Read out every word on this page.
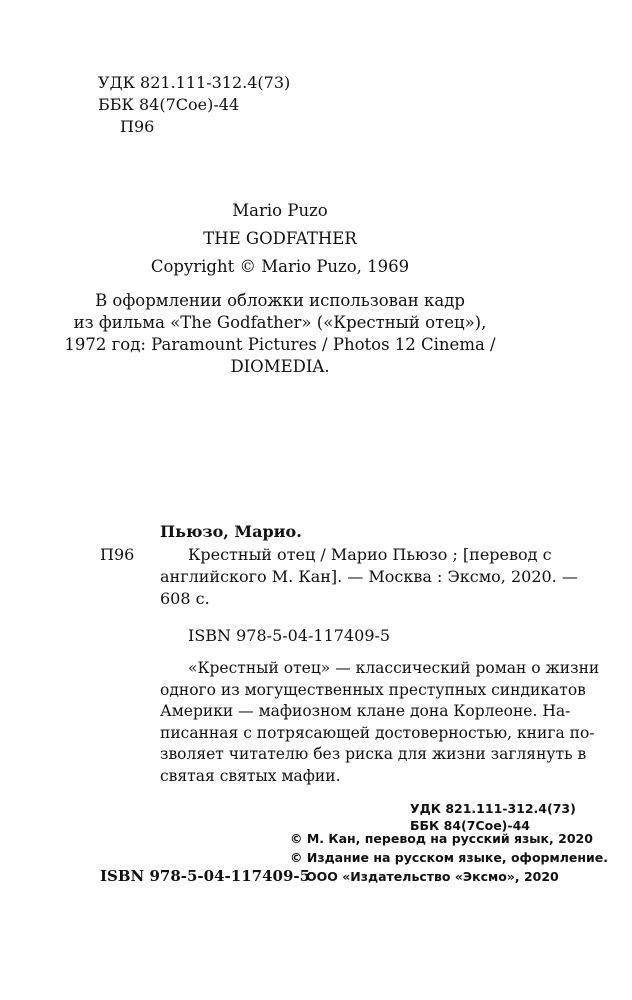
УДК 821.111-312.4(73)
ББК 84(7Сое)-44
П96
Mario Puzo
THE GODFATHER
Copyright © Mario Puzo, 1969
В оформлении обложки использован кадр
из фильма «The Godfather» («Крестный отец»),
1972 год: Paramount Pictures / Photos 12 Cinema /
DIOMEDIA.
Пьюзо, Марио.
П96	Крестный отец / Марио Пьюзо ; [перевод с
английского М. Кан]. — Москва : Эксмо, 2020. —
608 с.
ISBN 978-5-04-117409-5
«Крестный отец» — классический роман о жизни
одного из могущественных преступных синдикатов
Америки — мафиозном клане дона Корлеоне. На-
писанная с потрясающей достоверностью, книга по-
зволяет читателю без риска для жизни заглянуть в
святая святых мафии.
УДК 821.111-312.4(73)
ББК 84(7Сое)-44
ISBN 978-5-04-117409-5
© М. Кан, перевод на русский язык, 2020
© Издание на русском языке, оформление.
ООО «Издательство «Эксмо», 2020
